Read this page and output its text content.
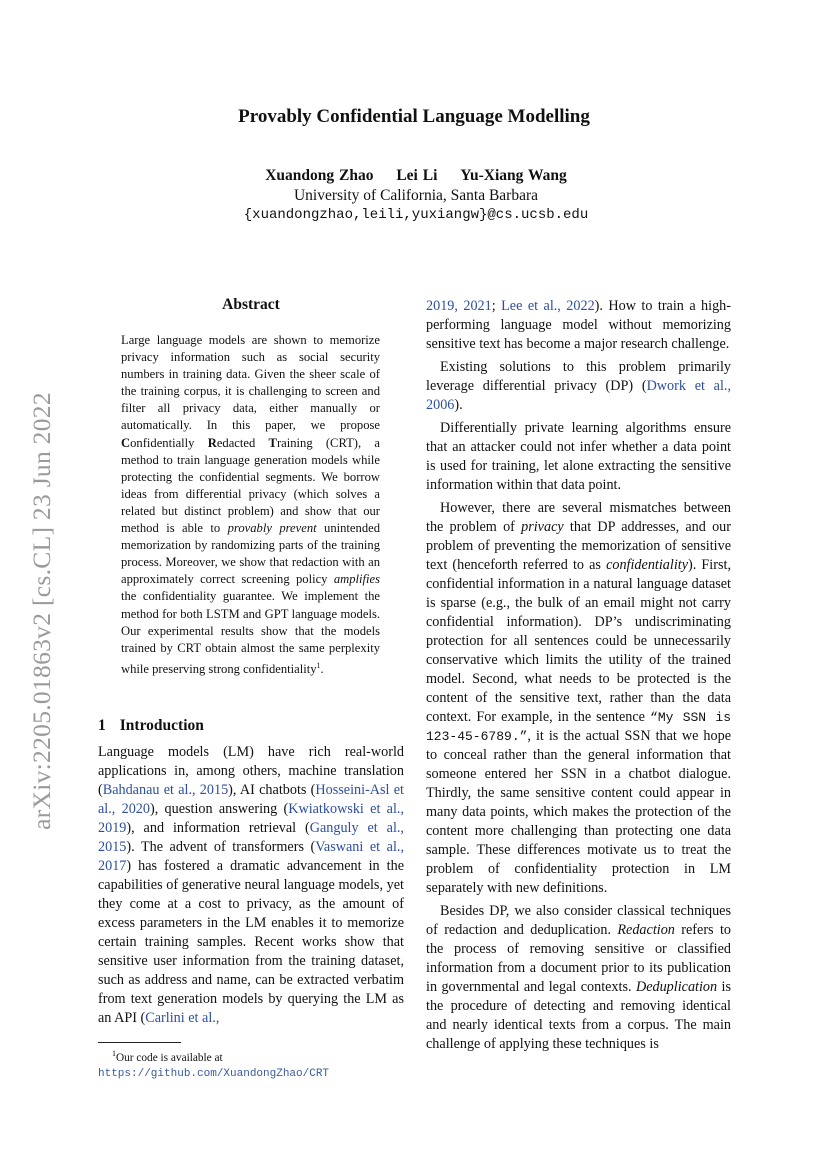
arXiv:2205.01863v2 [cs.CL] 23 Jun 2022
Provably Confidential Language Modelling
Xuandong Zhao Lei Li Yu-Xiang Wang
University of California, Santa Barbara
{xuandongzhao,leili,yuxiangw}@cs.ucsb.edu
Abstract
Large language models are shown to memorize privacy information such as social security numbers in training data. Given the sheer scale of the training corpus, it is challenging to screen and filter all privacy data, either manually or automatically. In this paper, we propose Confidentially Redacted Training (CRT), a method to train language generation models while protecting the confidential segments. We borrow ideas from differential privacy (which solves a related but distinct problem) and show that our method is able to provably prevent unintended memorization by randomizing parts of the training process. Moreover, we show that redaction with an approximately correct screening policy amplifies the confidentiality guarantee. We implement the method for both LSTM and GPT language models. Our experimental results show that the models trained by CRT obtain almost the same perplexity while preserving strong confidentiality$^1$.
1 Introduction
Language models (LM) have rich real-world applications in, among others, machine translation (Bahdanau et al., 2015), AI chatbots (Hosseini-Asl et al., 2020), question answering (Kwiatkowski et al., 2019), and information retrieval (Ganguly et al., 2015). The advent of transformers (Vaswani et al., 2017) has fostered a dramatic advancement in the capabilities of generative neural language models, yet they come at a cost to privacy, as the amount of excess parameters in the LM enables it to memorize certain training samples. Recent works show that sensitive user information from the training dataset, such as address and name, can be extracted verbatim from text generation models by querying the LM as an API (Carlini et al.,
$^1$Our code is available at https://github.com/XuandongZhao/CRT

2019, 2021; Lee et al., 2022). How to train a high-performing language model without memorizing sensitive text has become a major research challenge.

Existing solutions to this problem primarily leverage differential privacy (DP) (Dwork et al., 2006).

Differentially private learning algorithms ensure that an attacker could not infer whether a data point is used for training, let alone extracting the sensitive information within that data point.

However, there are several mismatches between the problem of privacy that DP addresses, and our problem of preventing the memorization of sensitive text (henceforth referred to as confidentiality). First, confidential information in a natural language dataset is sparse (e.g., the bulk of an email might not carry confidential information). DP’s undiscriminating protection for all sentences could be unnecessarily conservative which limits the utility of the trained model. Second, what needs to be protected is the content of the sensitive text, rather than the data context. For example, in the sentence “My SSN is 123-45-6789.”, it is the actual SSN that we hope to conceal rather than the general information that someone entered her SSN in a chatbot dialogue. Thirdly, the same sensitive content could appear in many data points, which makes the protection of the content more challenging than protecting one data sample. These differences motivate us to treat the problem of confidentiality protection in LM separately with new definitions.

Besides DP, we also consider classical techniques of redaction and deduplication. Redaction refers to the process of removing sensitive or classified information from a document prior to its publication in governmental and legal contexts. Deduplication is the procedure of detecting and removing identical and nearly identical texts from a corpus. The main challenge of applying these techniques is
